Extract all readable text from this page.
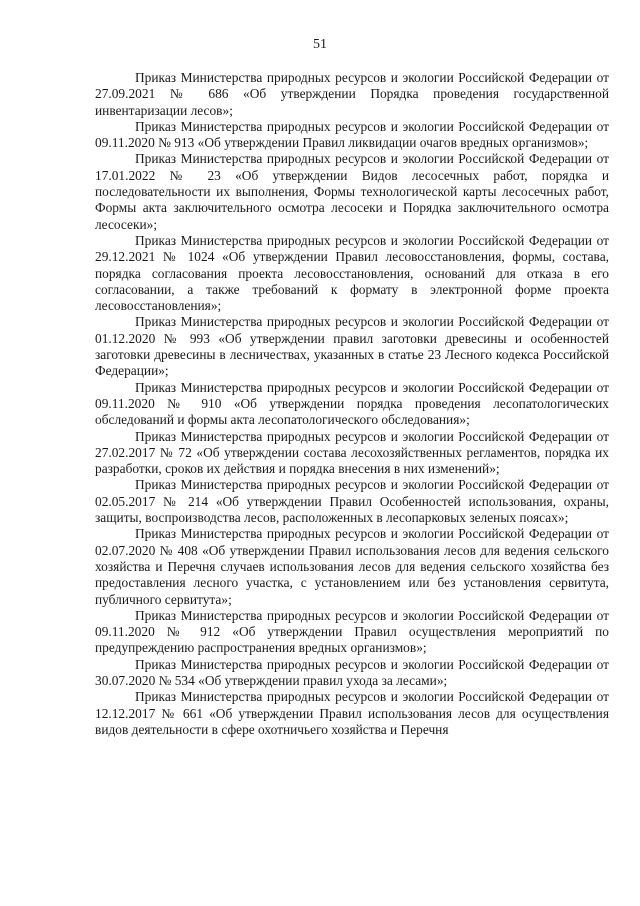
51

Приказ Министерства природных ресурсов и экологии Российской Федерации от 27.09.2021 № 686 «Об утверждении Порядка проведения государственной инвентаризации лесов»;

Приказ Министерства природных ресурсов и экологии Российской Федерации от 09.11.2020 № 913 «Об утверждении Правил ликвидации очагов вредных организмов»;

Приказ Министерства природных ресурсов и экологии Российской Федерации от 17.01.2022 № 23 «Об утверждении Видов лесосечных работ, порядка и последовательности их выполнения, Формы технологической карты лесосечных работ, Формы акта заключительного осмотра лесосеки и Порядка заключительного осмотра лесосеки»;

Приказ Министерства природных ресурсов и экологии Российской Федерации от 29.12.2021 № 1024 «Об утверждении Правил лесовосстановления, формы, состава, порядка согласования проекта лесовосстановления, оснований для отказа в его согласовании, а также требований к формату в электронной форме проекта лесовосстановления»;

Приказ Министерства природных ресурсов и экологии Российской Федерации от 01.12.2020 № 993 «Об утверждении правил заготовки древесины и особенностей заготовки древесины в лесничествах, указанных в статье 23 Лесного кодекса Российской Федерации»;

Приказ Министерства природных ресурсов и экологии Российской Федерации от 09.11.2020 № 910 «Об утверждении порядка проведения лесопатологических обследований и формы акта лесопатологического обследования»;

Приказ Министерства природных ресурсов и экологии Российской Федерации от 27.02.2017 № 72 «Об утверждении состава лесохозяйственных регламентов, порядка их разработки, сроков их действия и порядка внесения в них изменений»;

Приказ Министерства природных ресурсов и экологии Российской Федерации от 02.05.2017 № 214 «Об утверждении Правил Особенностей использования, охраны, защиты, воспроизводства лесов, расположенных в лесопарковых зеленых поясах»;

Приказ Министерства природных ресурсов и экологии Российской Федерации от 02.07.2020 № 408 «Об утверждении Правил использования лесов для ведения сельского хозяйства и Перечня случаев использования лесов для ведения сельского хозяйства без предоставления лесного участка, с установлением или без установления сервитута, публичного сервитута»;

Приказ Министерства природных ресурсов и экологии Российской Федерации от 09.11.2020 № 912 «Об утверждении Правил осуществления мероприятий по предупреждению распространения вредных организмов»;

Приказ Министерства природных ресурсов и экологии Российской Федерации от 30.07.2020 № 534 «Об утверждении правил ухода за лесами»;

Приказ Министерства природных ресурсов и экологии Российской Федерации от 12.12.2017 № 661 «Об утверждении Правил использования лесов для осуществления видов деятельности в сфере охотничьего хозяйства и Перечня
